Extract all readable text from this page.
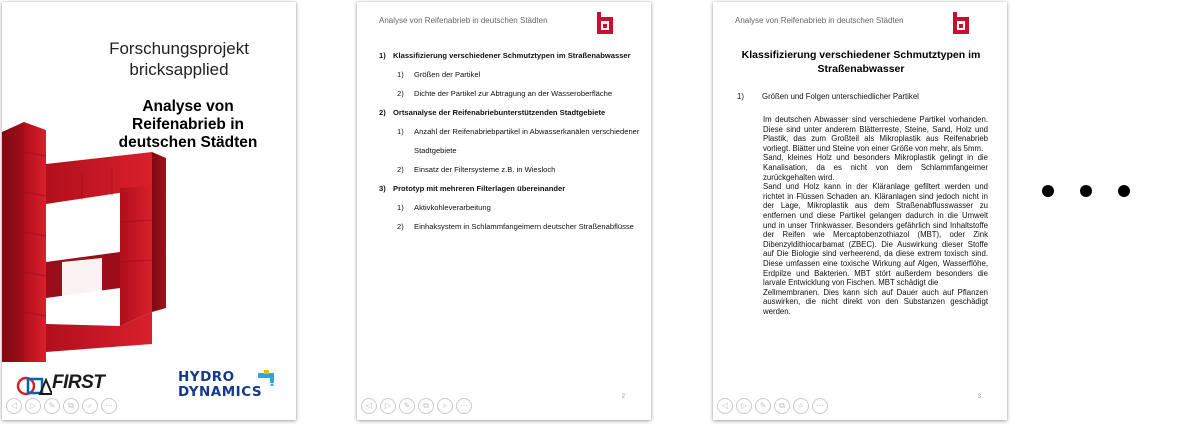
Forschungsprojekt
bricksapplied
Analyse von
Reifenabrieb in
deutschen Städten
FIRST	HYDRO
DYNAMICS
◁	▷	✎	⧉	⌕	⋯
Analyse von Reifenabrieb in deutschen Städten
1) Klassifizierung verschiedener Schmutztypen im Straßenabwasser
1)	Größen der Partikel
2)	Dichte der Partikel zur Abtragung an der Wasseroberfläche
2) Ortsanalyse der Reifenabriebunterstützenden Stadtgebiete
1)	Anzahl der Reifenabriebpartikel in Abwasserkanälen verschiedener Stadtgebiete
2)	Einsatz der Filtersysteme z.B. in Wiesloch
3) Prototyp mit mehreren Filterlagen übereinander
1)	Aktivkohleverarbeitung
2)	Einhaksystem in Schlammfangeimern deutscher Straßenabflüsse
2
◁	▷	✎	⧉	⌕	⋯
Analyse von Reifenabrieb in deutschen Städten
Klassifizierung verschiedener Schmutztypen im Straßenabwasser
1)	Größen und Folgen unterschiedlicher Partikel
Im deutschen Abwasser sind verschiedene Partikel vorhanden. Diese sind unter anderem Blätterreste, Steine, Sand, Holz und Plastik, das zum Großteil als Mikroplastik aus Reifenabrieb vorliegt. Blätter und Steine von einer Größe von mehr, als 5mm.
Sand, kleines Holz und besonders Mikroplastik gelingt in die Kanalisation, da es nicht von dem Schlammfangeimer zurückgehalten wird.
Sand und Holz kann in der Kläranlage gefiltert werden und richtet in Flüssen Schaden an. Kläranlagen sind jedoch nicht in der Lage, Mikroplastik aus dem Straßenabflusswasser zu entfernen und diese Partikel gelangen dadurch in die Umwelt und in unser Trinkwasser. Besonders gefährlich sind Inhaltstoffe der Reifen wie Mercaptobenzothiazol (MBT), oder Zink Dibenzyldithiocarbamat (ZBEC). Die Auswirkung dieser Stoffe auf Die Biologie sind verheerend, da diese extrem toxisch sind. Diese umfassen eine toxische Wirkung auf Algen, Wasserflöhe, Erdpilze und Bakterien. MBT stört außerdem besonders die larvale Entwicklung von Fischen. MBT schädigt die
Zellmembranen. Dies kann sich auf Dauer auch auf Pflanzen auswirken, die nicht direkt von den Substanzen geschädigt werden.
3
◁	▷	✎	⧉	⌕	⋯
